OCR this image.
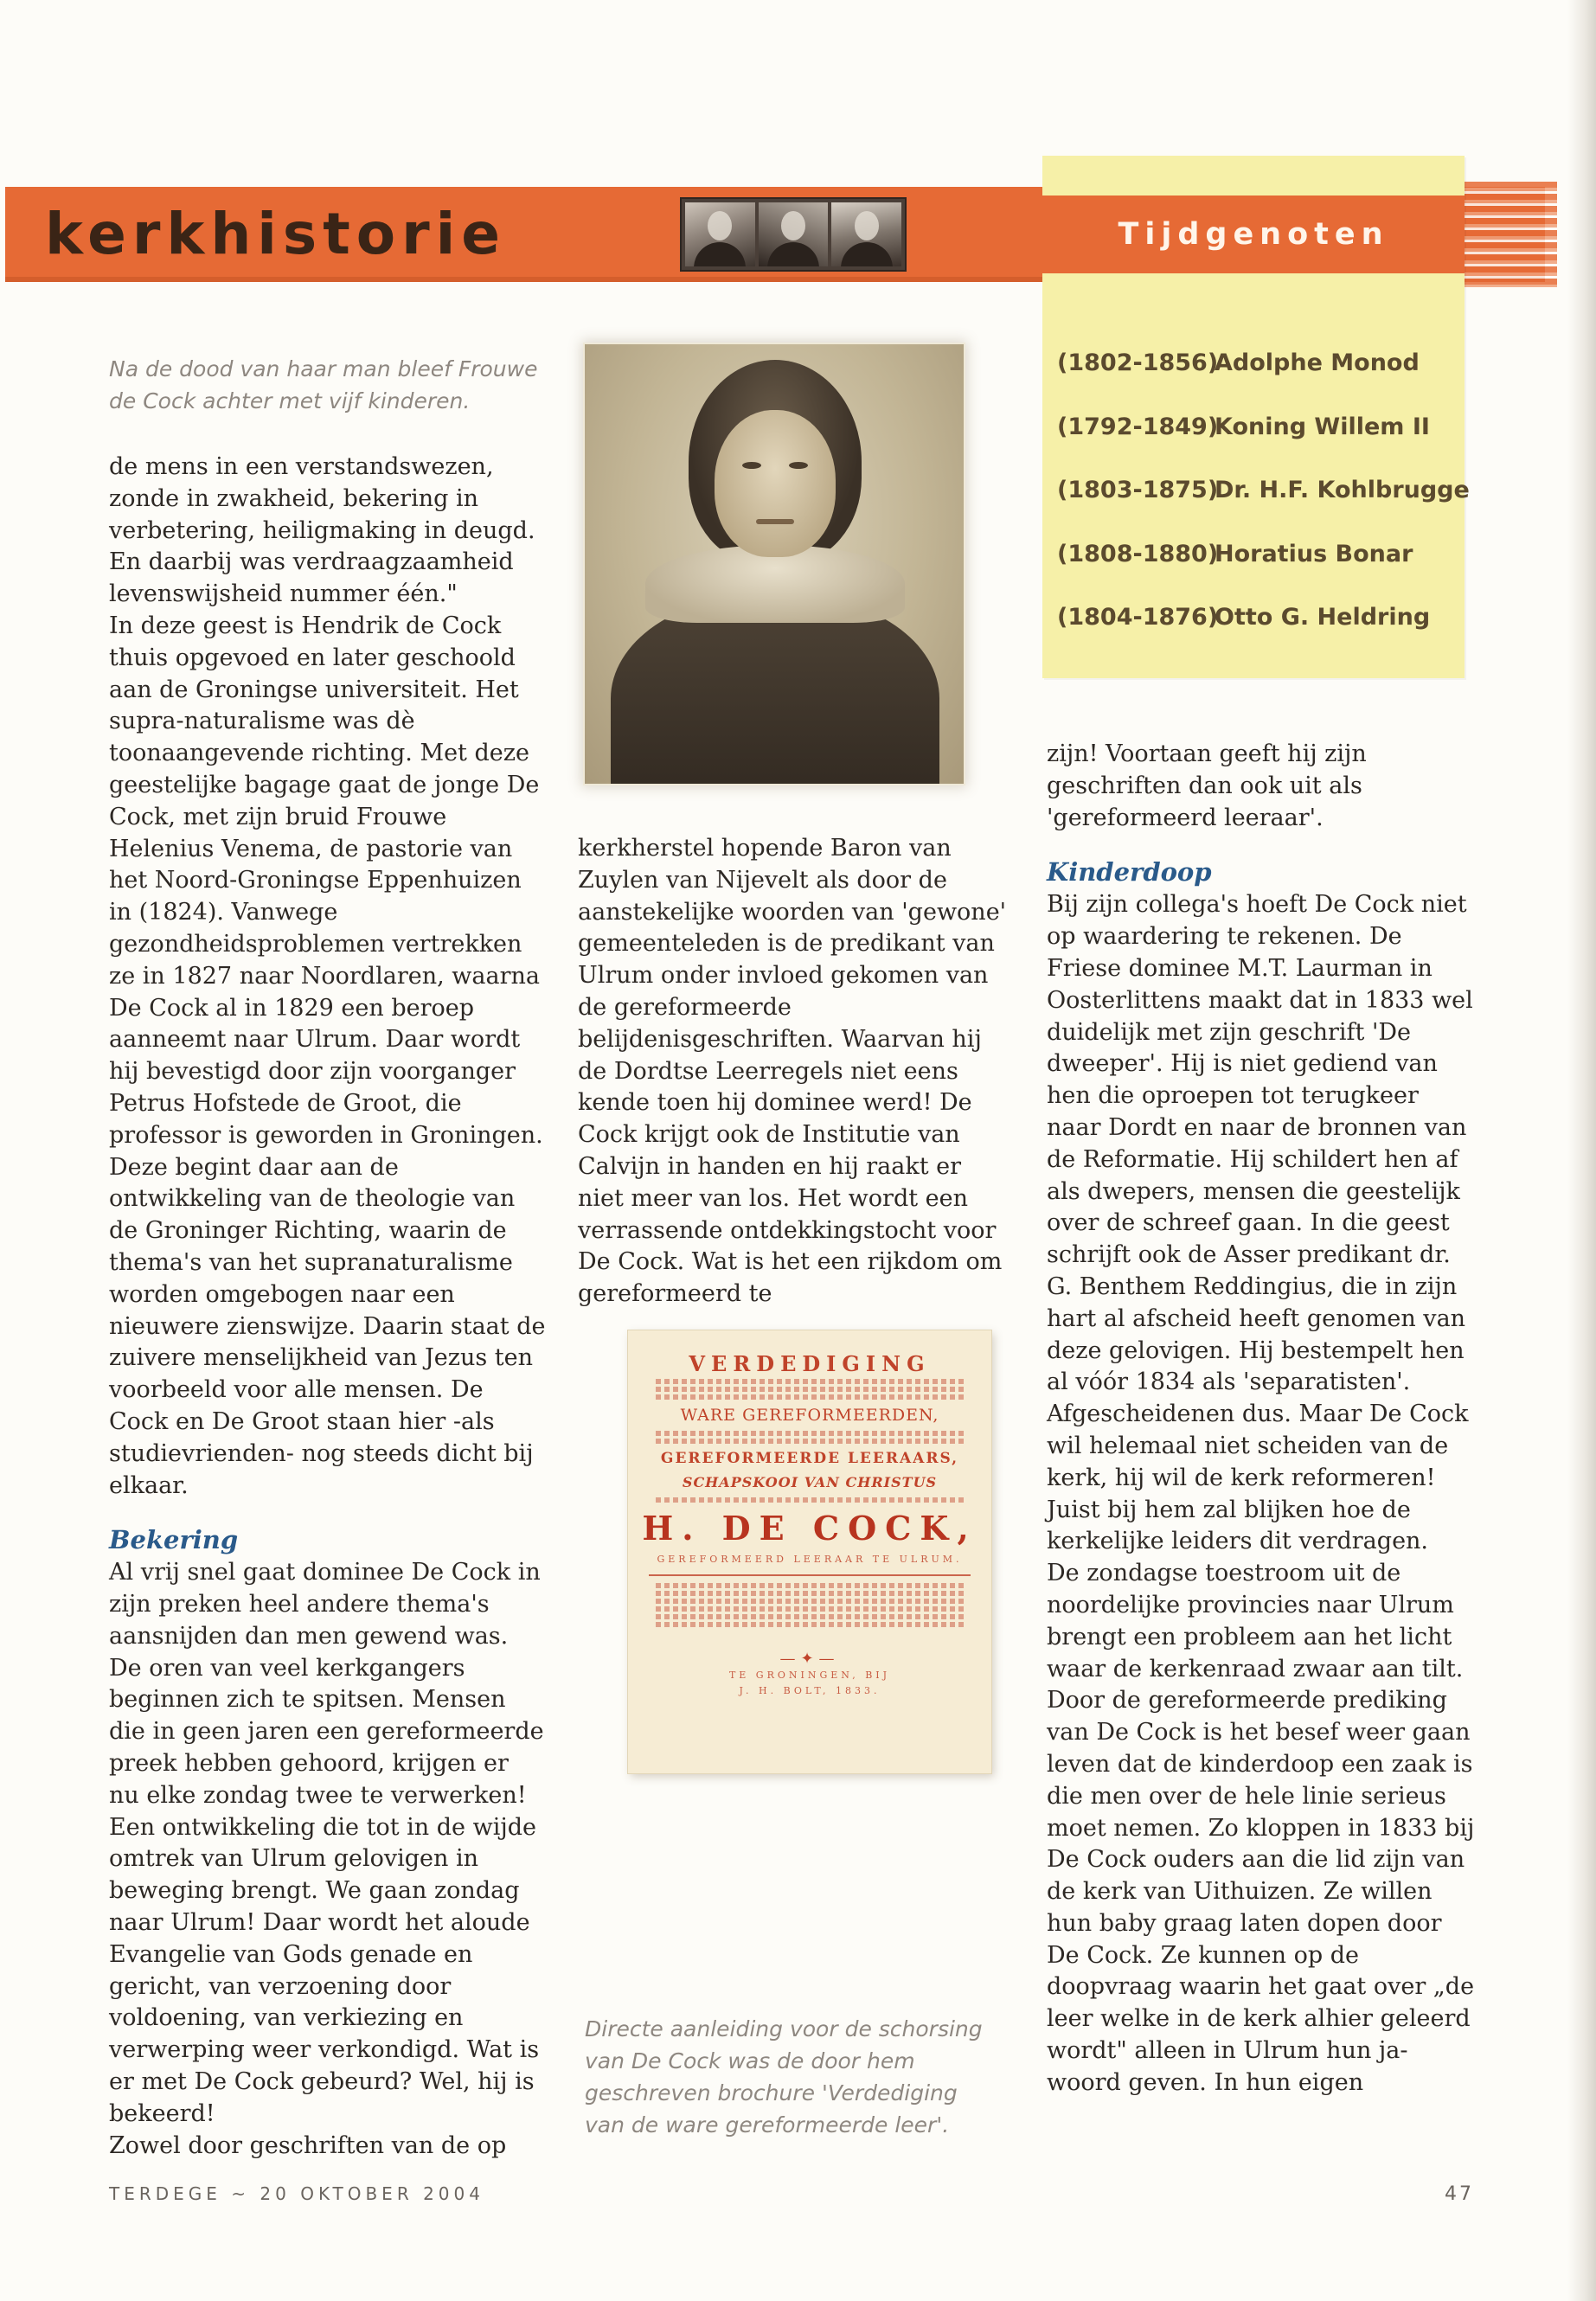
kerkhistorie	Tijdgenoten
(1802-1856)Adolphe Monod
(1792-1849)Koning Willem II
(1803-1875)Dr. H.F. Kohlbrugge
(1808-1880)Horatius Bonar
(1804-1876)Otto G. Heldring
Na de dood van haar man bleef Frouwe de Cock achter met vijf kinderen.

de mens in een verstandswezen, zonde in zwakheid, bekering in verbetering, heiligmaking in deugd. En daarbij was verdraagzaamheid levenswijsheid nummer één."

In deze geest is Hendrik de Cock thuis opgevoed en later geschoold aan de Groningse universiteit. Het supra-naturalisme was dè toonaangevende richting. Met deze geestelijke bagage gaat de jonge De Cock, met zijn bruid Frouwe Helenius Venema, de pastorie van het Noord-Groningse Eppenhuizen in (1824). Vanwege gezondheidsproblemen vertrekken ze in 1827 naar Noordlaren, waarna De Cock al in 1829 een beroep aanneemt naar Ulrum. Daar wordt hij bevestigd door zijn voorganger Petrus Hofstede de Groot, die professor is geworden in Groningen. Deze begint daar aan de ontwikkeling van de theologie van de Groninger Richting, waarin de thema's van het supranaturalisme worden omgebogen naar een nieuwere zienswijze. Daarin staat de zuivere menselijkheid van Jezus ten voorbeeld voor alle mensen. De Cock en De Groot staan hier -als studievrienden- nog steeds dicht bij elkaar.

Bekering

Al vrij snel gaat dominee De Cock in zijn preken heel andere thema's aansnijden dan men gewend was. De oren van veel kerkgangers beginnen zich te spitsen. Mensen die in geen jaren een gereformeerde preek hebben gehoord, krijgen er nu elke zondag twee te verwerken! Een ontwikkeling die tot in de wijde omtrek van Ulrum gelovigen in beweging brengt. We gaan zondag naar Ulrum! Daar wordt het aloude Evangelie van Gods genade en gericht, van verzoening door voldoening, van verkiezing en verwerping weer verkondigd. Wat is er met De Cock gebeurd? Wel, hij is bekeerd!

Zowel door geschriften van de op

kerkherstel hopende Baron van Zuylen van Nijevelt als door de aanstekelijke woorden van 'gewone' gemeenteleden is de predikant van Ulrum onder invloed gekomen van de gereformeerde belijdenisgeschriften. Waarvan hij de Dordtse Leerregels niet eens kende toen hij dominee werd! De Cock krijgt ook de Institutie van Calvijn in handen en hij raakt er niet meer van los. Het wordt een verrassende ontdekkingstocht voor De Cock. Wat is het een rijkdom om gereformeerd te

VERDEDIGING
WARE GEREFORMEERDEN,
GEREFORMEERDE LEERAARS,
SCHAPSKOOI VAN CHRISTUS
H. DE COCK,
GEREFORMEERD LEERAAR TE ULRUM.
—✦—
TE GRONINGEN, BIJ
J. H. BOLT, 1833.
Directe aanleiding voor de schorsing van De Cock was de door hem geschreven brochure 'Verdediging van de ware gereformeerde leer'.

zijn! Voortaan geeft hij zijn geschriften dan ook uit als 'gereformeerd leeraar'.

Kinderdoop

Bij zijn collega's hoeft De Cock niet op waardering te rekenen. De Friese dominee M.T. Laurman in Oosterlittens maakt dat in 1833 wel duidelijk met zijn geschrift 'De dweeper'. Hij is niet gediend van hen die oproepen tot terugkeer naar Dordt en naar de bronnen van de Reformatie. Hij schildert hen af als dwepers, mensen die geestelijk over de schreef gaan. In die geest schrijft ook de Asser predikant dr. G. Benthem Reddingius, die in zijn hart al afscheid heeft genomen van deze gelovigen. Hij bestempelt hen al vóór 1834 als 'separatisten'. Afgescheidenen dus. Maar De Cock wil helemaal niet scheiden van de kerk, hij wil de kerk reformeren! Juist bij hem zal blijken hoe de kerkelijke leiders dit verdragen.

De zondagse toestroom uit de noordelijke provincies naar Ulrum brengt een probleem aan het licht waar de kerkenraad zwaar aan tilt. Door de gereformeerde prediking van De Cock is het besef weer gaan leven dat de kinderdoop een zaak is die men over de hele linie serieus moet nemen. Zo kloppen in 1833 bij De Cock ouders aan die lid zijn van de kerk van Uithuizen. Ze willen hun baby graag laten dopen door De Cock. Ze kunnen op de doopvraag waarin het gaat over „de leer welke in de kerk alhier geleerd wordt" alleen in Ulrum hun ja-woord geven. In hun eigen

TERDEGE ~ 20 OKTOBER 2004	47
